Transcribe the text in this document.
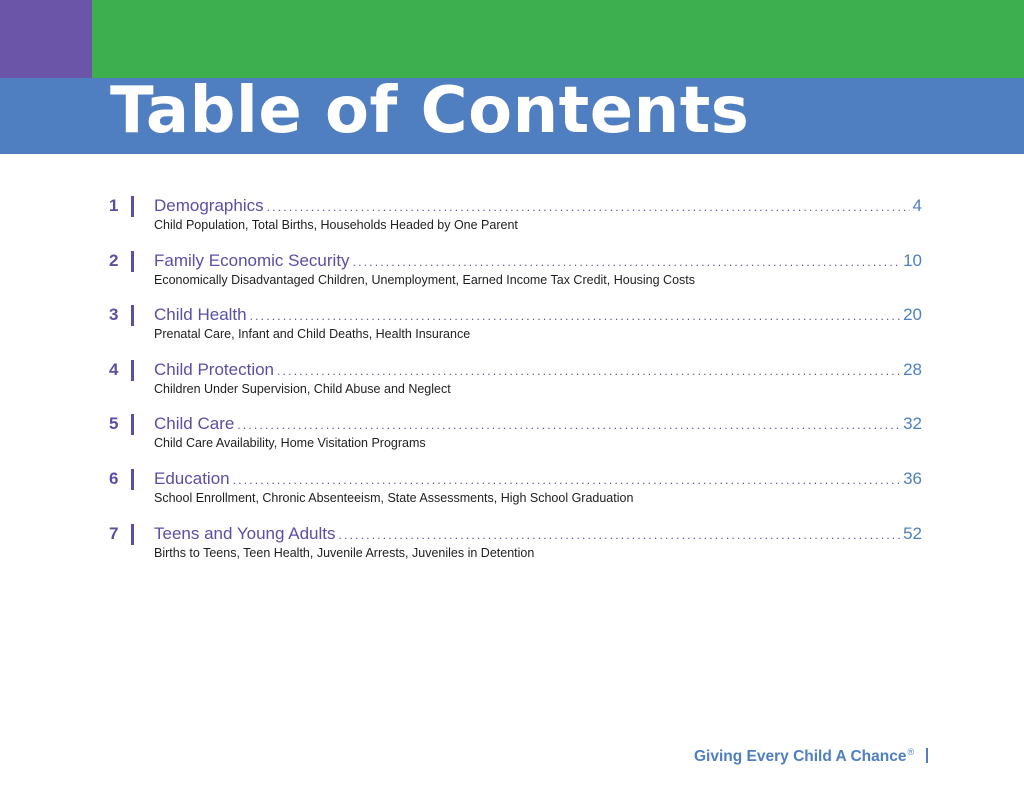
Table of Contents
1	Demographics .....	4
Child Population, Total Births, Households Headed by One Parent
2	Family Economic Security .....	10
Economically Disadvantaged Children, Unemployment, Earned Income Tax Credit, Housing Costs
3	Child Health .....	20
Prenatal Care, Infant and Child Deaths, Health Insurance
4	Child Protection .....	28
Children Under Supervision, Child Abuse and Neglect
5	Child Care .....	32
Child Care Availability, Home Visitation Programs
6	Education .....	36
School Enrollment, Chronic Absenteeism, State Assessments, High School Graduation
7	Teens and Young Adults .....	52
Births to Teens, Teen Health, Juvenile Arrests, Juveniles in Detention
Giving Every Child A Chance ®
